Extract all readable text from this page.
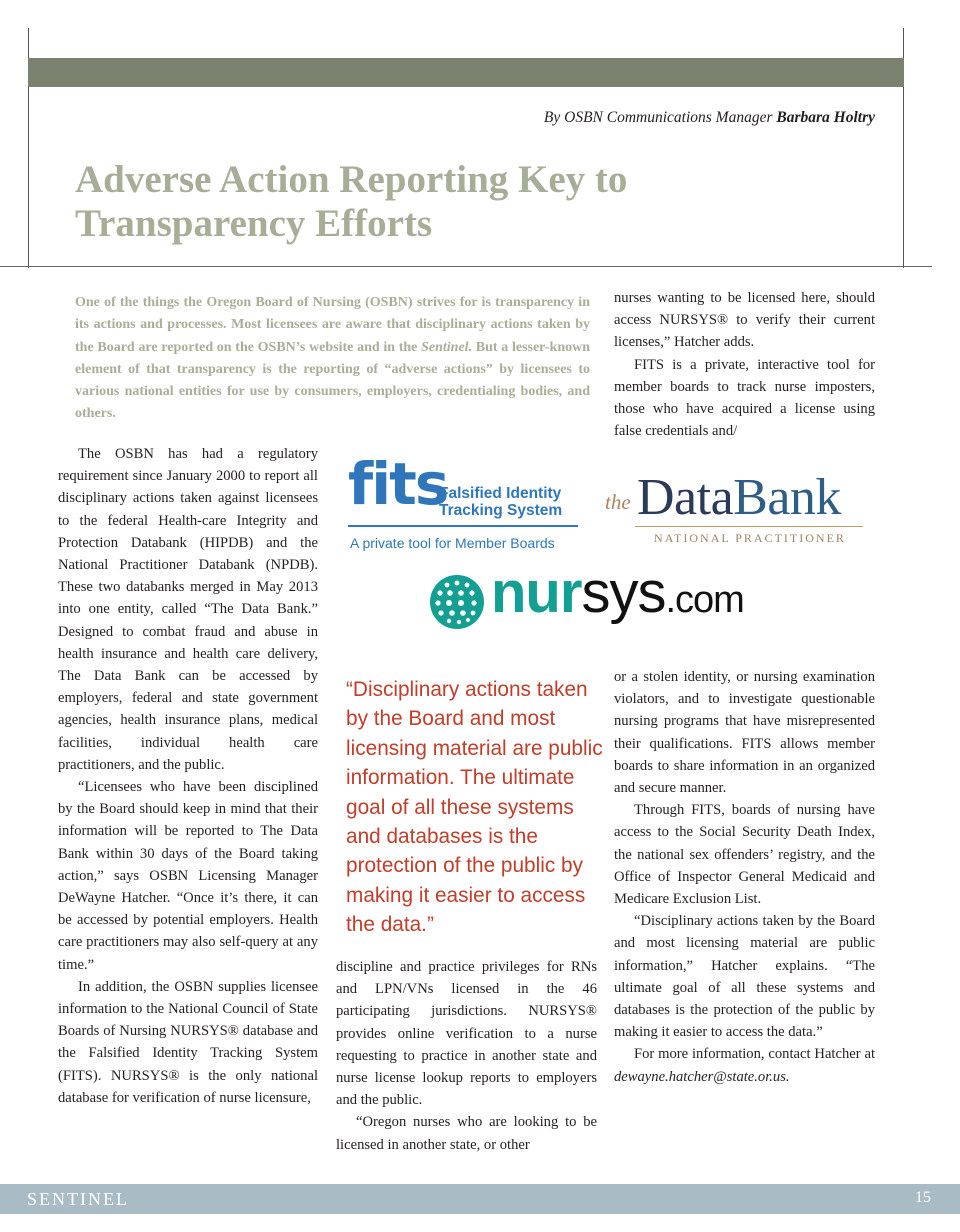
By OSBN Communications Manager Barbara Holtry
Adverse Action Reporting Key to Transparency Efforts
One of the things the Oregon Board of Nursing (OSBN) strives for is transparency in its actions and processes. Most licensees are aware that disciplinary actions taken by the Board are reported on the OSBN’s website and in the Sentinel. But a lesser-known element of that transparency is the reporting of “adverse actions” by licensees to various national entities for use by consumers, employers, credentialing bodies, and others.

The OSBN has had a regulatory requirement since January 2000 to report all disciplinary actions taken against licensees to the federal Health-care Integrity and Protection Databank (HIPDB) and the National Practitioner Databank (NPDB). These two databanks merged in May 2013 into one entity, called “The Data Bank.” Designed to combat fraud and abuse in health insurance and health care delivery, The Data Bank can be accessed by employers, federal and state government agencies, health insurance plans, medical facilities, individual health care practitioners, and the public.

“Licensees who have been disciplined by the Board should keep in mind that their information will be reported to The Data Bank within 30 days of the Board taking action,” says OSBN Licensing Manager DeWayne Hatcher. “Once it’s there, it can be accessed by potential employers. Health care practitioners may also self-query at any time.”

In addition, the OSBN supplies licensee information to the National Council of State Boards of Nursing NURSYS® database and the Falsified Identity Tracking System (FITS). NURSYS® is the only national database for verification of nurse licensure,

fits
Falsified Identity
Tracking System
A private tool for Member Boards
the DataBank
NATIONAL PRACTITIONER
nursys.com
“Disciplinary actions taken by the Board and most licensing material are public information. The ultimate goal of all these systems and databases is the protection of the public by making it easier to access the data.”

discipline and practice privileges for RNs and LPN/VNs licensed in the 46 participating jurisdictions. NURSYS® provides online verification to a nurse requesting to practice in another state and nurse license lookup reports to employers and the public.

“Oregon nurses who are looking to be licensed in another state, or other

nurses wanting to be licensed here, should access NURSYS® to verify their current licenses,” Hatcher adds.

FITS is a private, interactive tool for member boards to track nurse imposters, those who have acquired a license using false credentials and/

or a stolen identity, or nursing examination violators, and to investigate questionable nursing programs that have misrepresented their qualifications. FITS allows member boards to share information in an organized and secure manner.

Through FITS, boards of nursing have access to the Social Security Death Index, the national sex offenders’ registry, and the Office of Inspector General Medicaid and Medicare Exclusion List.

“Disciplinary actions taken by the Board and most licensing material are public information,” Hatcher explains. “The ultimate goal of all these systems and databases is the protection of the public by making it easier to access the data.”

For more information, contact Hatcher at dewayne.hatcher@state.or.us.

SENTINEL	15
